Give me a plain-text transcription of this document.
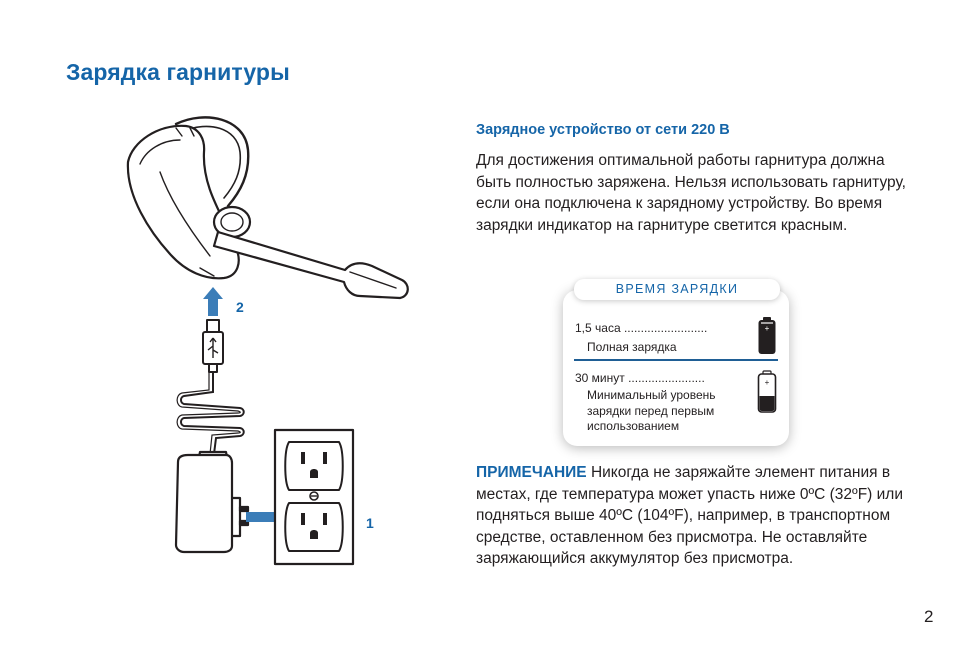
Зарядка гарнитуры
2
1
Зарядное устройство от сети 220 В

Для достижения оптимальной работы гарнитура должна быть полностью заряжена. Нельзя использовать гарнитуру, если она подключена к зарядному устройству. Во время зарядки индикатор на гарнитуре светится красным.

ВРЕМЯ ЗАРЯДКИ
1,5 часа .........................
Полная зарядка
+
30 минут .......................
Минимальный уровень зарядки перед первым использованием
+

ПРИМЕЧАНИЕ Никогда не заряжайте элемент питания в местах, где температура может упасть ниже 0ºC (32ºF) или подняться выше 40ºC (104ºF), например, в транспортном средстве, оставленном без присмотра. Не оставляйте заряжающийся аккумулятор без присмотра.

2
